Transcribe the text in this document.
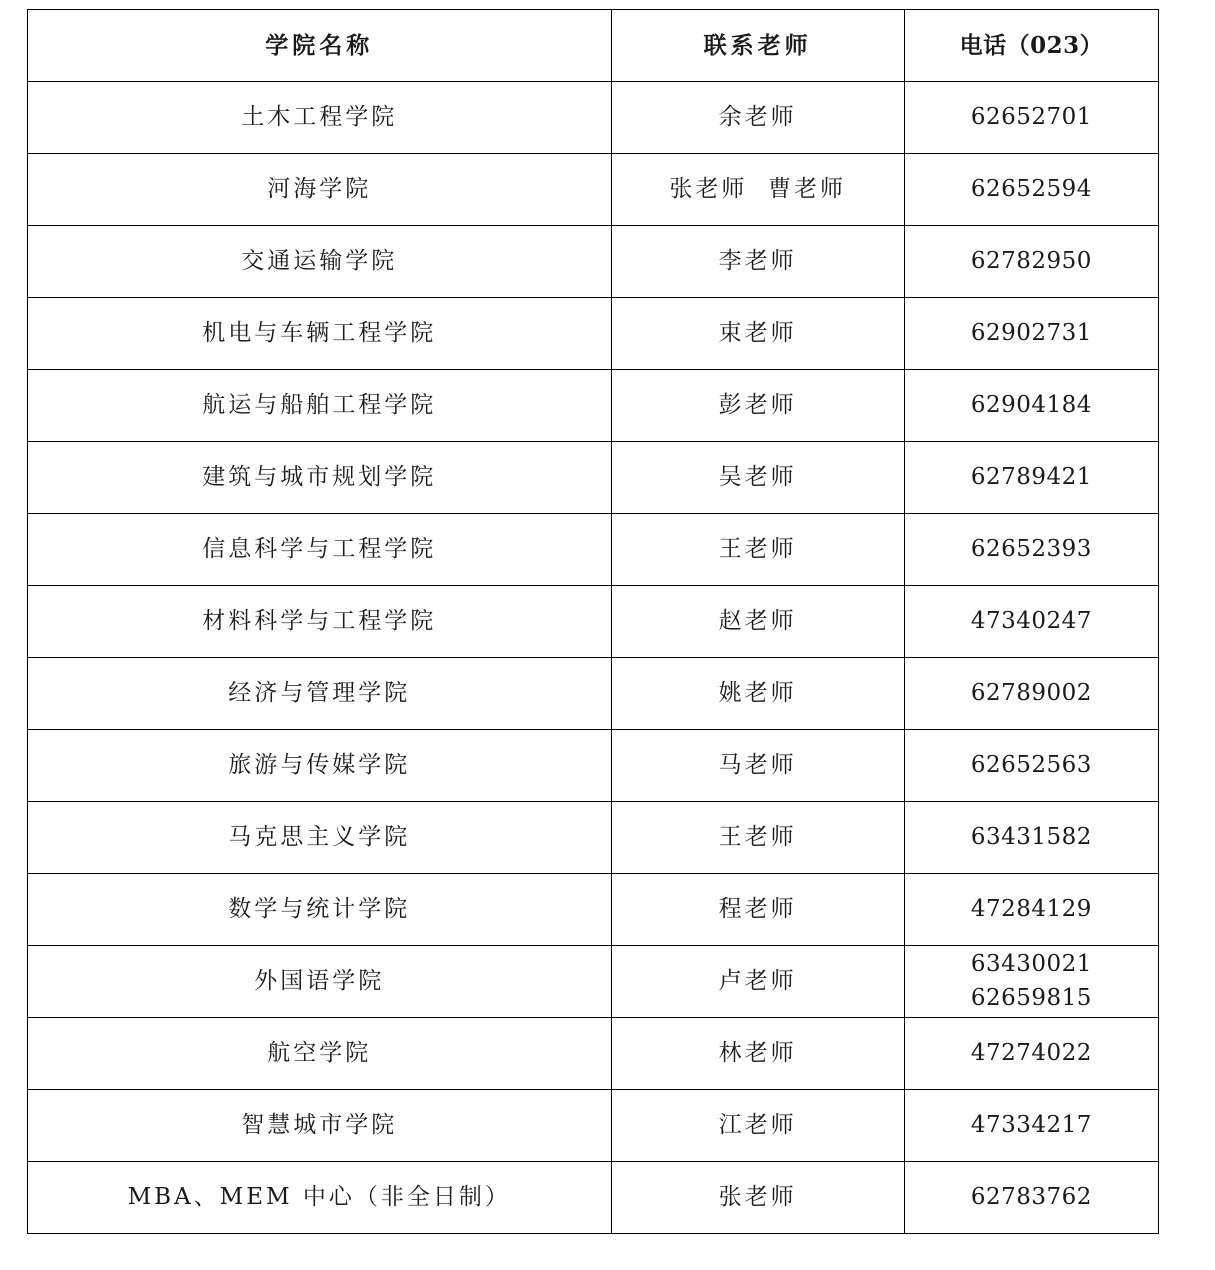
学院名称	联系老师	电话（023）
土木工程学院	余老师	62652701

河海学院	张老师  曹老师	62652594

交通运输学院	李老师	62782950

机电与车辆工程学院	束老师	62902731

航运与船舶工程学院	彭老师	62904184

建筑与城市规划学院	吴老师	62789421

信息科学与工程学院	王老师	62652393

材料科学与工程学院	赵老师	47340247

经济与管理学院	姚老师	62789002

旅游与传媒学院	马老师	62652563

马克思主义学院	王老师	63431582

数学与统计学院	程老师	47284129

外国语学院	卢老师	63430021
62659815

航空学院	林老师	47274022

智慧城市学院	江老师	47334217

MBA、MEM 中心（非全日制）	张老师	62783762
